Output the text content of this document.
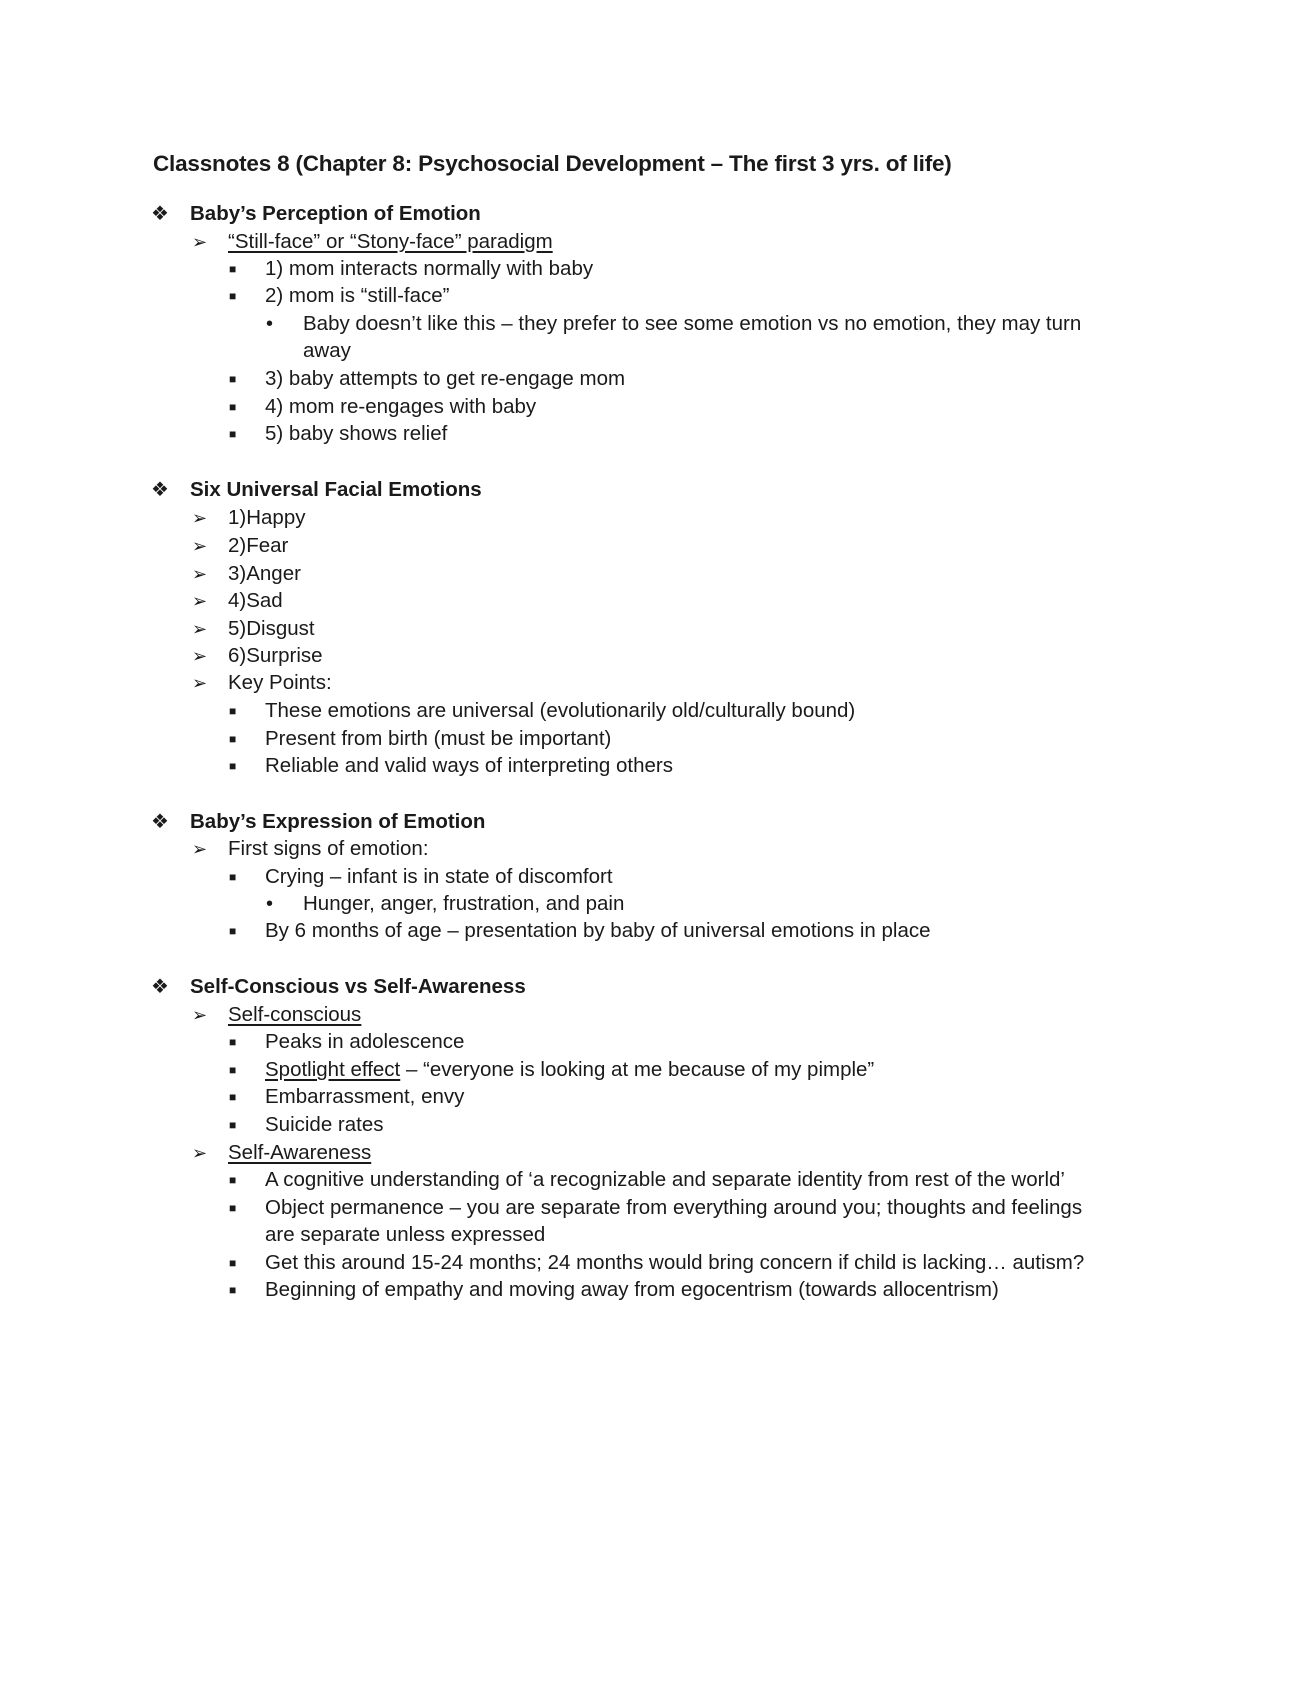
Classnotes 8 (Chapter 8: Psychosocial Development – The first 3 yrs. of life)
❖ Baby’s Perception of Emotion
➢ “Still-face” or “Stony-face” paradigm
■ 1) mom interacts normally with baby
■ 2) mom is “still-face”
• Baby doesn’t like this – they prefer to see some emotion vs no emotion, they may turn
away
■ 3) baby attempts to get re-engage mom
■ 4) mom re-engages with baby
■ 5) baby shows relief
❖ Six Universal Facial Emotions
➢ 1)Happy
➢ 2)Fear
➢ 3)Anger
➢ 4)Sad
➢ 5)Disgust
➢ 6)Surprise
➢ Key Points:
■ These emotions are universal (evolutionarily old/culturally bound)
■ Present from birth (must be important)
■ Reliable and valid ways of interpreting others
❖ Baby’s Expression of Emotion
➢ First signs of emotion:
■ Crying – infant is in state of discomfort
• Hunger, anger, frustration, and pain
■ By 6 months of age – presentation by baby of universal emotions in place
❖ Self-Conscious vs Self-Awareness
➢ Self-conscious
■ Peaks in adolescence
■ Spotlight effect – “everyone is looking at me because of my pimple”
■ Embarrassment, envy
■ Suicide rates
➢ Self-Awareness
■ A cognitive understanding of ‘a recognizable and separate identity from rest of the world’
■ Object permanence – you are separate from everything around you; thoughts and feelings
are separate unless expressed
■ Get this around 15-24 months; 24 months would bring concern if child is lacking… autism?
■ Beginning of empathy and moving away from egocentrism (towards allocentrism)
